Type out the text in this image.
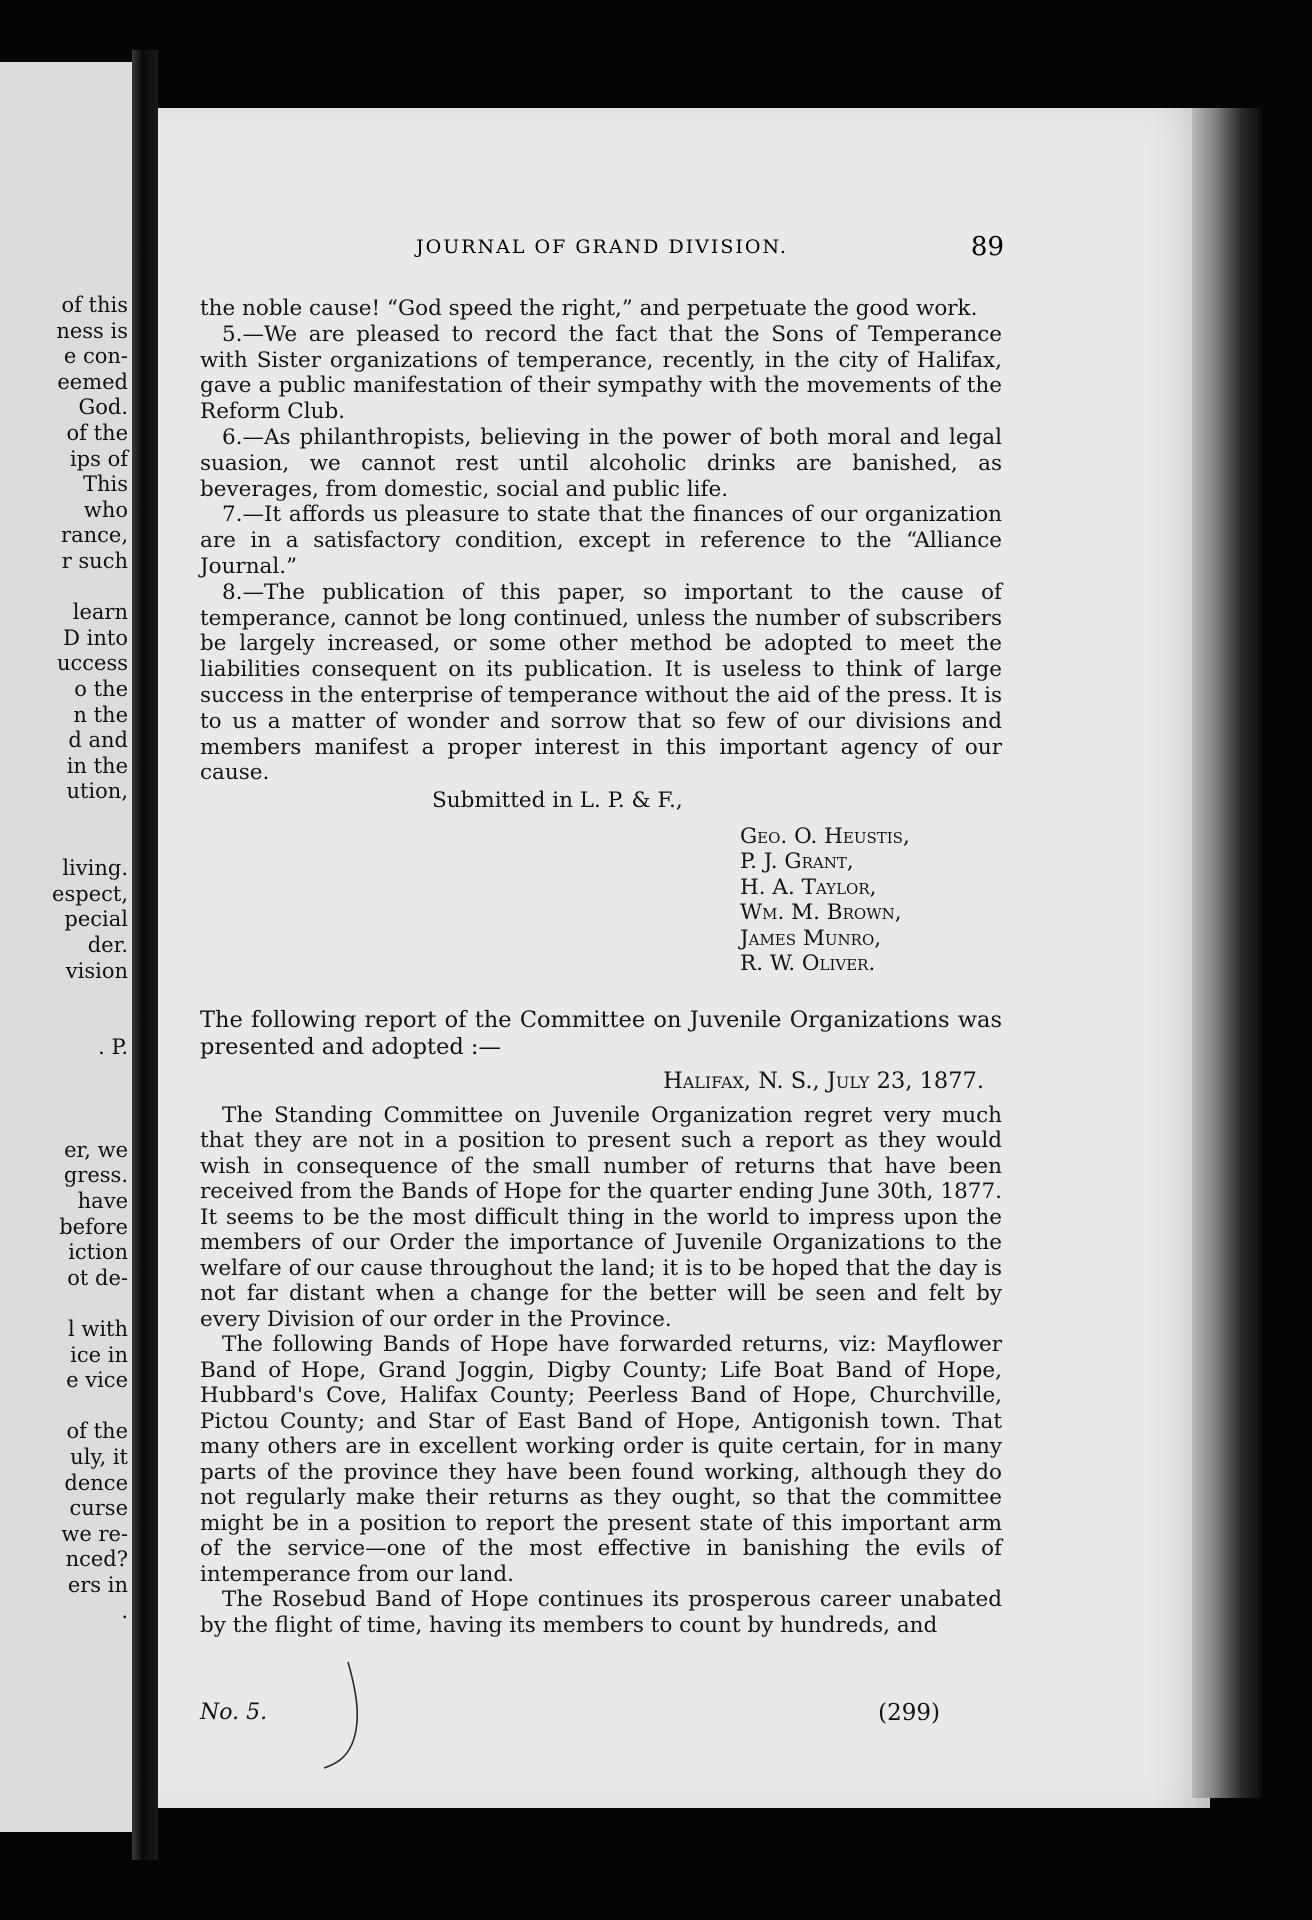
of this
ness is
e con-
eemed
God.
of the
ips of
This
who
rance,
r such
learn
D into
uccess
o the
n the
d and
in the
ution,
living.
espect,
pecial
der.
vision
. P.
er, we
gress.
have
before
iction
ot de-
l with
ice in
e vice
of the
uly, it
dence
curse
we re-
nced?
ers in
.
JOURNAL OF GRAND DIVISION.	89

the noble cause! “God speed the right,” and perpetuate the good work.

5.—We are pleased to record the fact that the Sons of Temperance with Sister organizations of temperance, recently, in the city of Halifax, gave a public manifestation of their sympathy with the movements of the Reform Club.

6.—As philanthropists, believing in the power of both moral and legal suasion, we cannot rest until alcoholic drinks are banished, as beverages, from domestic, social and public life.

7.—It affords us pleasure to state that the finances of our organization are in a satisfactory condition, except in reference to the “Alliance Journal.”

8.—The publication of this paper, so important to the cause of temperance, cannot be long continued, unless the number of subscribers be largely increased, or some other method be adopted to meet the liabilities consequent on its publication. It is useless to think of large success in the enterprise of temperance without the aid of the press. It is to us a matter of wonder and sorrow that so few of our divisions and members manifest a proper interest in this important agency of our cause.

Submitted in L. P. & F.,

Geo. O. Heustis,
P. J. Grant,
H. A. Taylor,
Wm. M. Brown,
James Munro,
R. W. Oliver.

The following report of the Committee on Juvenile Organizations was presented and adopted :—

Halifax, N. S., July 23, 1877.

The Standing Committee on Juvenile Organization regret very much that they are not in a position to present such a report as they would wish in consequence of the small number of returns that have been received from the Bands of Hope for the quarter ending June 30th, 1877. It seems to be the most difficult thing in the world to impress upon the members of our Order the importance of Juvenile Organizations to the welfare of our cause throughout the land; it is to be hoped that the day is not far distant when a change for the better will be seen and felt by every Division of our order in the Province.

The following Bands of Hope have forwarded returns, viz: Mayflower Band of Hope, Grand Joggin, Digby County; Life Boat Band of Hope, Hubbard's Cove, Halifax County; Peerless Band of Hope, Churchville, Pictou County; and Star of East Band of Hope, Antigonish town. That many others are in excellent working order is quite certain, for in many parts of the province they have been found working, although they do not regularly make their returns as they ought, so that the committee might be in a position to report the present state of this important arm of the service—one of the most effective in banishing the evils of intemperance from our land.

The Rosebud Band of Hope continues its prosperous career unabated by the flight of time, having its members to count by hundreds, and

No. 5.	(299)
